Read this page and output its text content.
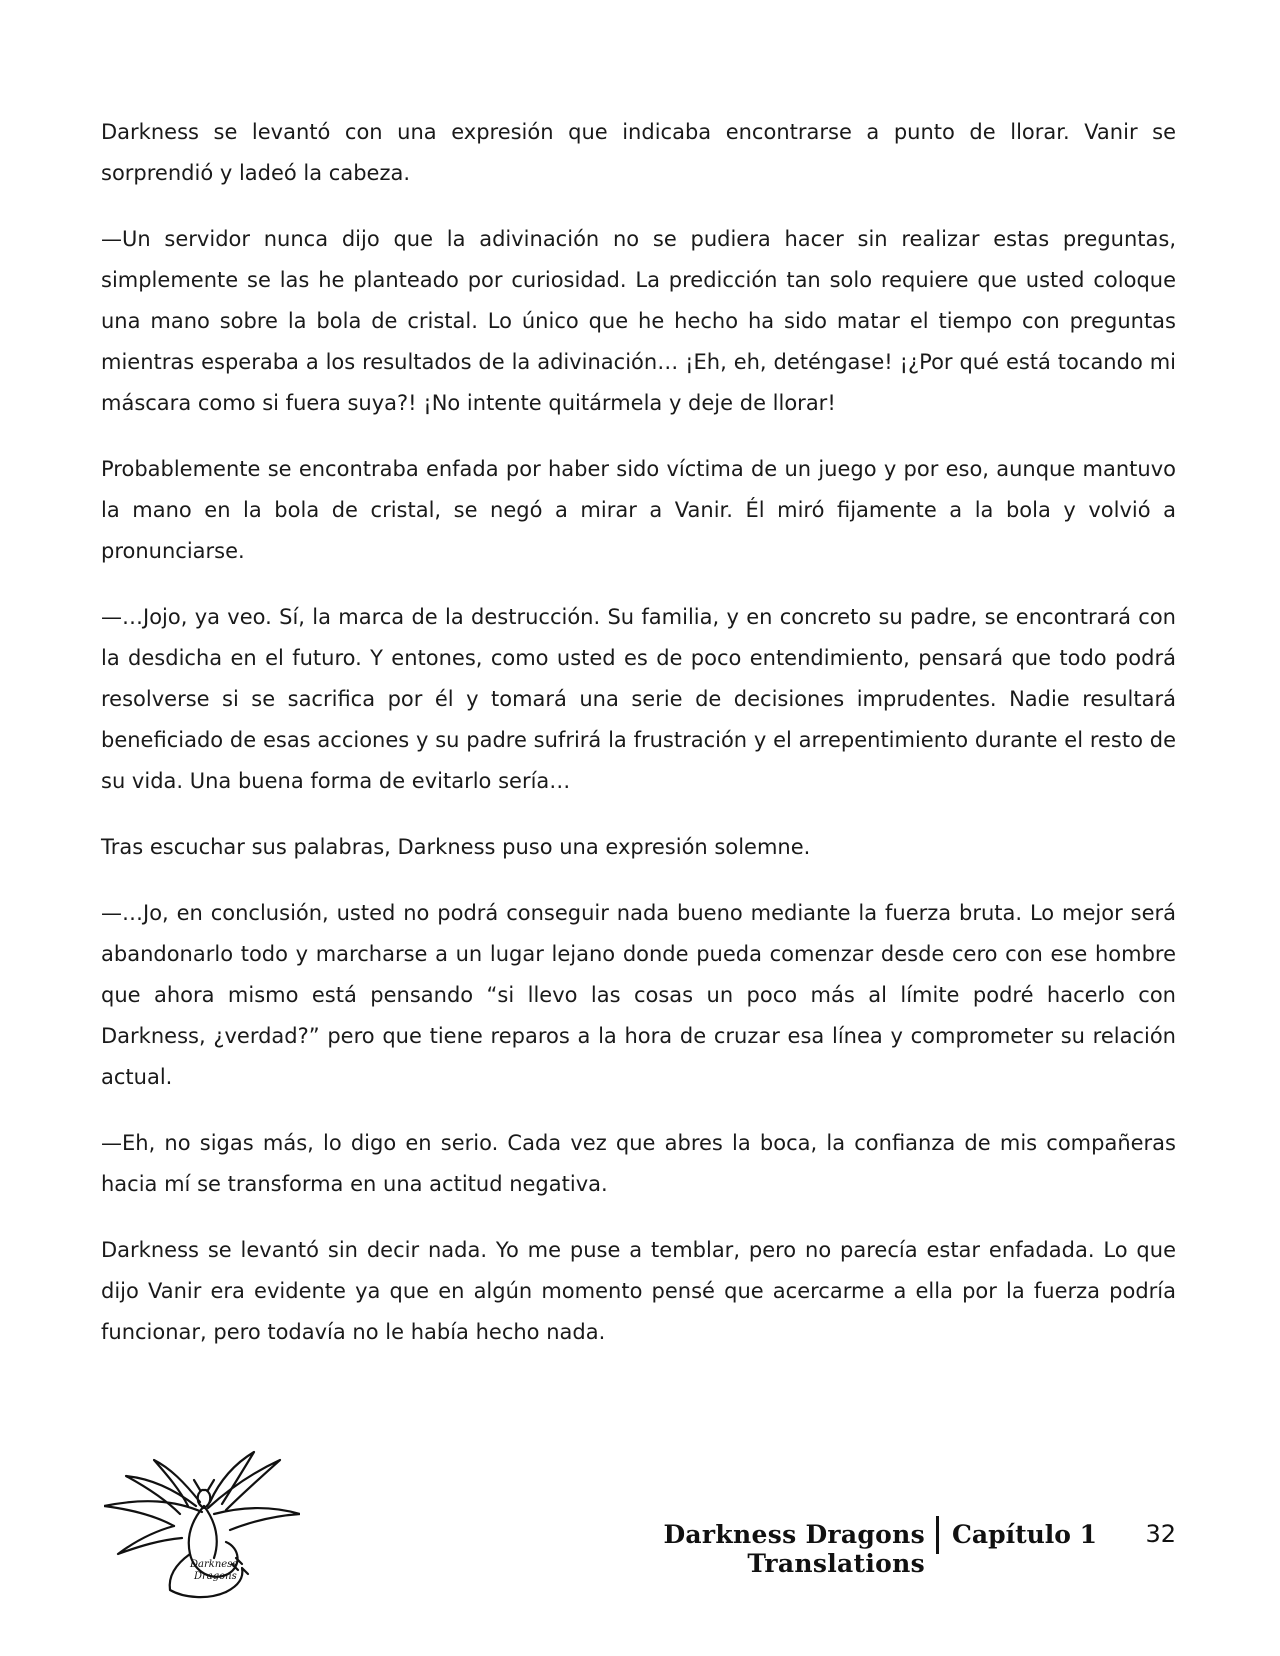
Darkness se levantó con una expresión que indicaba encontrarse a punto de llorar. Vanir se sorprendió y ladeó la cabeza.

—Un servidor nunca dijo que la adivinación no se pudiera hacer sin realizar estas preguntas, simplemente se las he planteado por curiosidad. La predicción tan solo requiere que usted coloque una mano sobre la bola de cristal. Lo único que he hecho ha sido matar el tiempo con preguntas mientras esperaba a los resultados de la adivinación… ¡Eh, eh, deténgase! ¡¿Por qué está tocando mi máscara como si fuera suya?! ¡No intente quitármela y deje de llorar!

Probablemente se encontraba enfada por haber sido víctima de un juego y por eso, aunque mantuvo la mano en la bola de cristal, se negó a mirar a Vanir. Él miró fijamente a la bola y volvió a pronunciarse.

—…Jojo, ya veo. Sí, la marca de la destrucción. Su familia, y en concreto su padre, se encontrará con la desdicha en el futuro. Y entones, como usted es de poco entendimiento, pensará que todo podrá resolverse si se sacrifica por él y tomará una serie de decisiones imprudentes. Nadie resultará beneficiado de esas acciones y su padre sufrirá la frustración y el arrepentimiento durante el resto de su vida. Una buena forma de evitarlo sería…

Tras escuchar sus palabras, Darkness puso una expresión solemne.

—…Jo, en conclusión, usted no podrá conseguir nada bueno mediante la fuerza bruta. Lo mejor será abandonarlo todo y marcharse a un lugar lejano donde pueda comenzar desde cero con ese hombre que ahora mismo está pensando “si llevo las cosas un poco más al límite podré hacerlo con Darkness, ¿verdad?” pero que tiene reparos a la hora de cruzar esa línea y comprometer su relación actual.

—Eh, no sigas más, lo digo en serio. Cada vez que abres la boca, la confianza de mis compañeras hacia mí se transforma en una actitud negativa.

Darkness se levantó sin decir nada. Yo me puse a temblar, pero no parecía estar enfadada. Lo que dijo Vanir era evidente ya que en algún momento pensé que acercarme a ella por la fuerza podría funcionar, pero todavía no le había hecho nada.

Darkness
Dragons
Darkness Dragons Translations
Capítulo 1 32
